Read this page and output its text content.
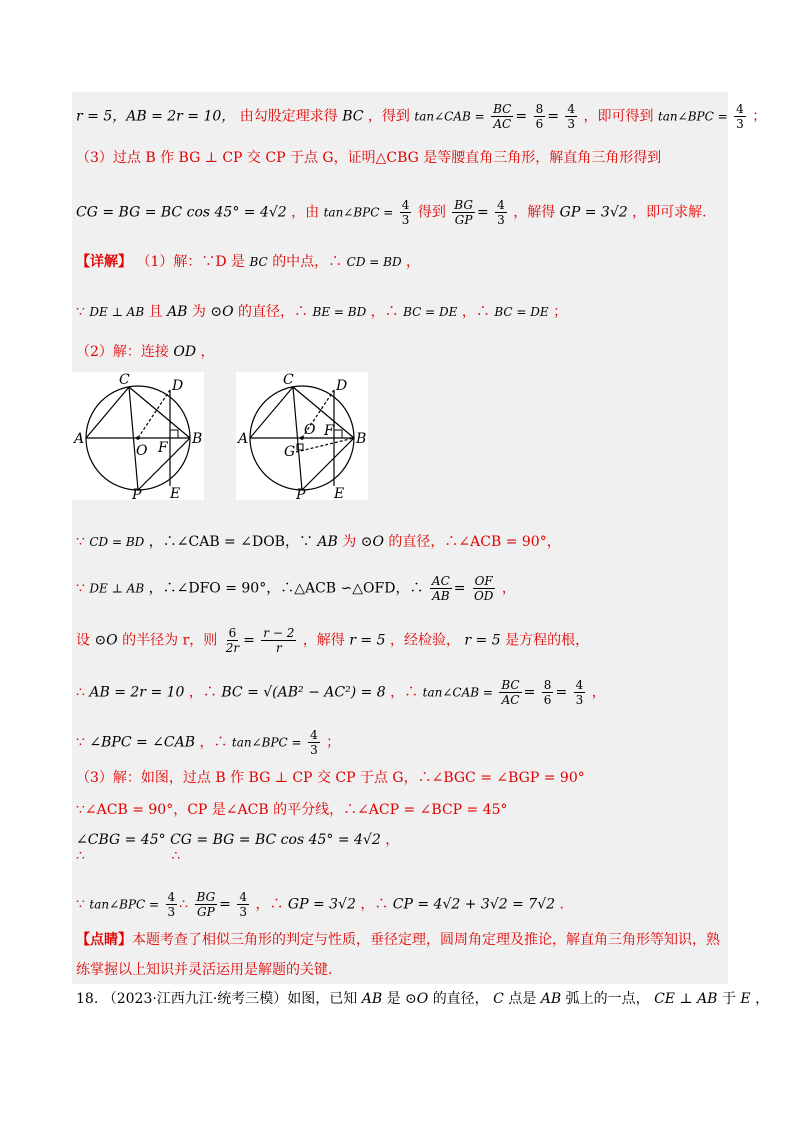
r = 5，AB = 2r = 10， 由勾股定理求得 BC ，得到 tan∠CAB = $\frac{BC}{AC} = \frac{8}{6} = \frac{4}{3}$ ，即可得到 tan∠BPC = $\frac{4}{3}$ ；
（3）过点 B 作 BG ⊥ CP 交 CP 于点 G，证明△CBG 是等腰直角三角形，解直角三角形得到
CG = BG = BC cos 45° = 4√2 ，由 tan∠BPC = $\frac{4}{3}$ 得到 $\frac{BG}{GP} = \frac{4}{3}$ ，解得 GP = 3√2 ，即可求解.
【详解】 （1）解：∵D 是 BC 的中点，∴ CD = BD ，
∵ DE ⊥ AB 且 AB 为 ⊙O 的直径，∴ BE = BD ，∴ BC = DE ，∴ BC = DE ；
（2）解：连接 OD ，
C	D
A
O F
B
P E
C	D
A
O F
G
B
P E
∵ CD = BD ，∴∠CAB = ∠DOB，∵ AB 为 ⊙O 的直径，∴∠ACB = 90°，
∵ DE ⊥ AB ，∴∠DFO = 90°，∴△ACB ∽△OFD，∴ $\frac{AC}{AB} = \frac{OF}{OD}$ ，
设 ⊙O 的半径为 r，则 $\frac{6}{2r} = \frac{r - 2}{r}$ ，解得 r = 5 ，经检验， r = 5 是方程的根，
∴ AB = 2r = 10 ，∴ BC = √(AB² − AC²) = 8 ，∴ tan∠CAB = $\frac{BC}{AC} = \frac{8}{6} = \frac{4}{3}$ ，
∵ ∠BPC = ∠CAB ，∴ tan∠BPC = $\frac{4}{3}$ ；
（3）解：如图，过点 B 作 BG ⊥ CP 交 CP 于点 G，∴∠BGC = ∠BGP = 90°
∵∠ACB = 90°，CP 是∠ACB 的平分线，∴∠ACP = ∠BCP = 45°
∠CBG = 45° CG = BG = BC cos 45° = 4√2 ，
∴	∴
∵ tan∠BPC = $\frac{4}{3}$ ∴ $\frac{BG}{GP} = \frac{4}{3}$ ，∴ GP = 3√2 ，∴ CP = 4√2 + 3√2 = 7√2 .
【点睛】本题考查了相似三角形的判定与性质，垂径定理，圆周角定理及推论，解直角三角形等知识，熟
练掌握以上知识并灵活运用是解题的关键.
18. （2023·江西九江·统考三模）如图，已知 AB 是 ⊙O 的直径， C 点是 AB 弧上的一点， CE ⊥ AB 于 E ，
